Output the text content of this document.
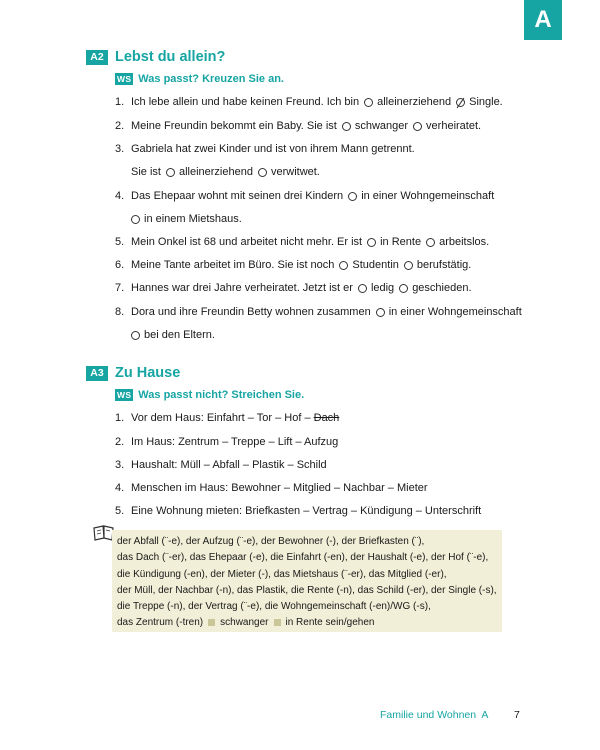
A
A2 Lebst du allein?
WS Was passt? Kreuzen Sie an.
1. Ich lebe allein und habe keinen Freund. Ich bin alleinerziehend Single.
2. Meine Freundin bekommt ein Baby. Sie ist schwanger verheiratet.
3. Gabriela hat zwei Kinder und ist von ihrem Mann getrennt.
Sie ist alleinerziehend verwitwet.
4. Das Ehepaar wohnt mit seinen drei Kindern in einer Wohngemeinschaft
in einem Mietshaus.
5. Mein Onkel ist 68 und arbeitet nicht mehr. Er ist in Rente arbeitslos.
6. Meine Tante arbeitet im Büro. Sie ist noch Studentin berufstätig.
7. Hannes war drei Jahre verheiratet. Jetzt ist er ledig geschieden.
8. Dora und ihre Freundin Betty wohnen zusammen in einer Wohngemeinschaft
bei den Eltern.
A3 Zu Hause
WS Was passt nicht? Streichen Sie.
1. Vor dem Haus: Einfahrt – Tor – Hof – Dach
2. Im Haus: Zentrum – Treppe – Lift – Aufzug
3. Haushalt: Müll – Abfall – Plastik – Schild
4. Menschen im Haus: Bewohner – Mitglied – Nachbar – Mieter
5. Eine Wohnung mieten: Briefkasten – Vertrag – Kündigung – Unterschrift
der Abfall (¨-e), der Aufzug (¨-e), der Bewohner (-), der Briefkasten (¨),
das Dach (¨-er), das Ehepaar (-e), die Einfahrt (-en), der Haushalt (-e), der Hof (¨-e),
die Kündigung (-en), der Mieter (-), das Mietshaus (¨-er), das Mitglied (-er),
der Müll, der Nachbar (-n), das Plastik, die Rente (-n), das Schild (-er), der Single (-s),
die Treppe (-n), der Vertrag (¨-e), die Wohngemeinschaft (-en)/WG (-s),
das Zentrum (-tren) schwanger in Rente sein/gehen
Familie und Wohnen  A 7
